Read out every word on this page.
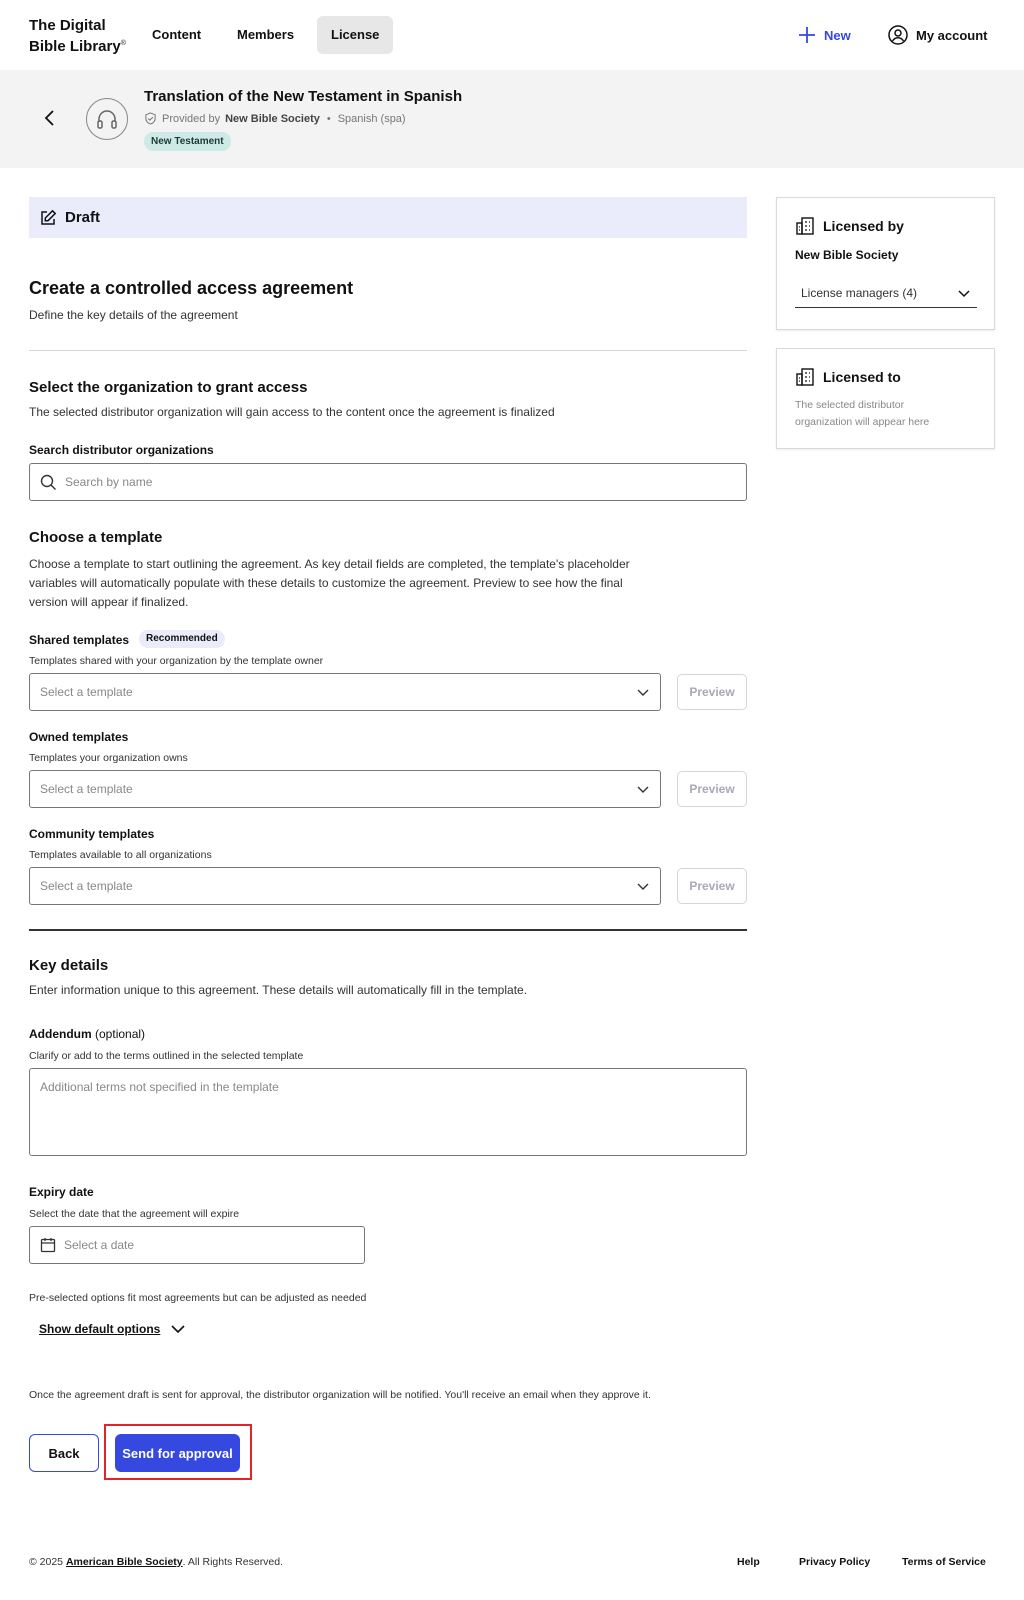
The Digital
Bible Library®
Content	Members	License	New	My account
Translation of the New Testament in Spanish
Provided by New Bible Society • Spanish (spa)
New Testament
Draft
Create a controlled access agreement
Define the key details of the agreement
Select the organization to grant access
The selected distributor organization will gain access to the content once the agreement is finalized
Search distributor organizations
Search by name
Choose a template
Choose a template to start outlining the agreement. As key detail fields are completed, the template's placeholder
variables will automatically populate with these details to customize the agreement. Preview to see how the final
version will appear if finalized.
Shared templates	Recommended
Templates shared with your organization by the template owner
Select a template	Preview
Owned templates
Templates your organization owns
Select a template	Preview
Community templates
Templates available to all organizations
Select a template	Preview
Key details
Enter information unique to this agreement. These details will automatically fill in the template.
Addendum (optional)
Clarify or add to the terms outlined in the selected template
Additional terms not specified in the template
Expiry date
Select the date that the agreement will expire
Select a date
Pre-selected options fit most agreements but can be adjusted as needed
Show default options
Once the agreement draft is sent for approval, the distributor organization will be notified. You'll receive an email when they approve it.
Back	Send for approval
Licensed by
New Bible Society
License managers (4)
Licensed to
The selected distributor
organization will appear here
© 2025 American Bible Society. All Rights Reserved.	Help	Privacy Policy	Terms of Service
